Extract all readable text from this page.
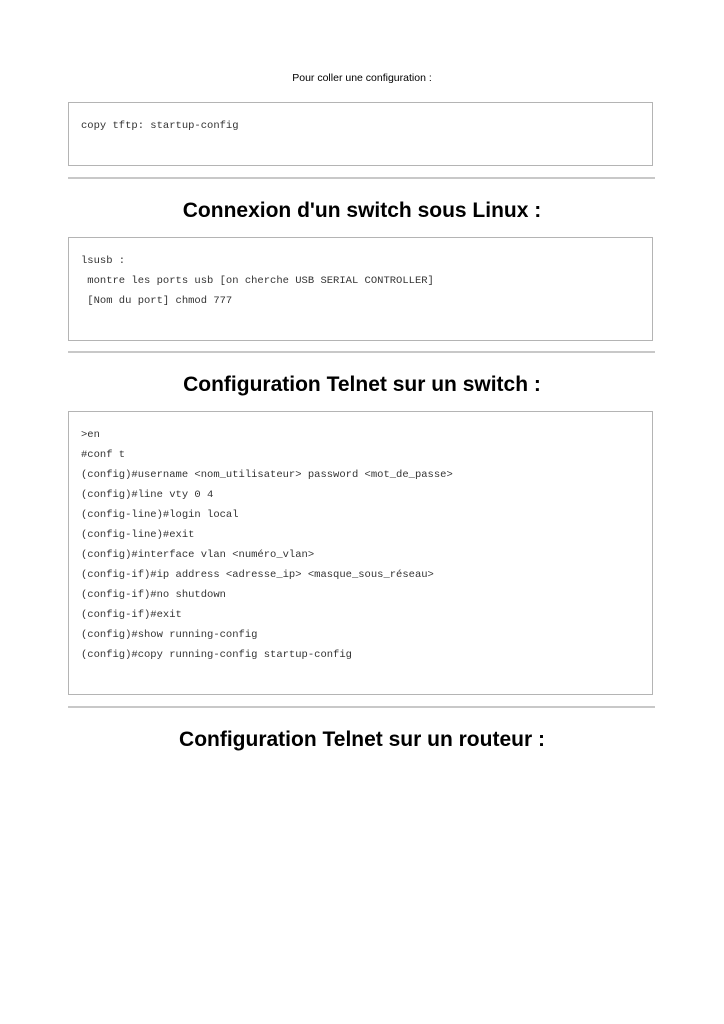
Pour coller une configuration :
copy tftp: startup-config
Connexion d'un switch sous Linux :
lsusb :
montre les ports usb [on cherche USB SERIAL CONTROLLER]
[Nom du port] chmod 777
Configuration Telnet sur un switch :
>en
#conf t
(config)#username <nom_utilisateur> password <mot_de_passe>
(config)#line vty 0 4
(config-line)#login local
(config-line)#exit
(config)#interface vlan <numéro_vlan>
(config-if)#ip address <adresse_ip> <masque_sous_réseau>
(config-if)#no shutdown
(config-if)#exit
(config)#show running-config
(config)#copy running-config startup-config
Configuration Telnet sur un routeur :
